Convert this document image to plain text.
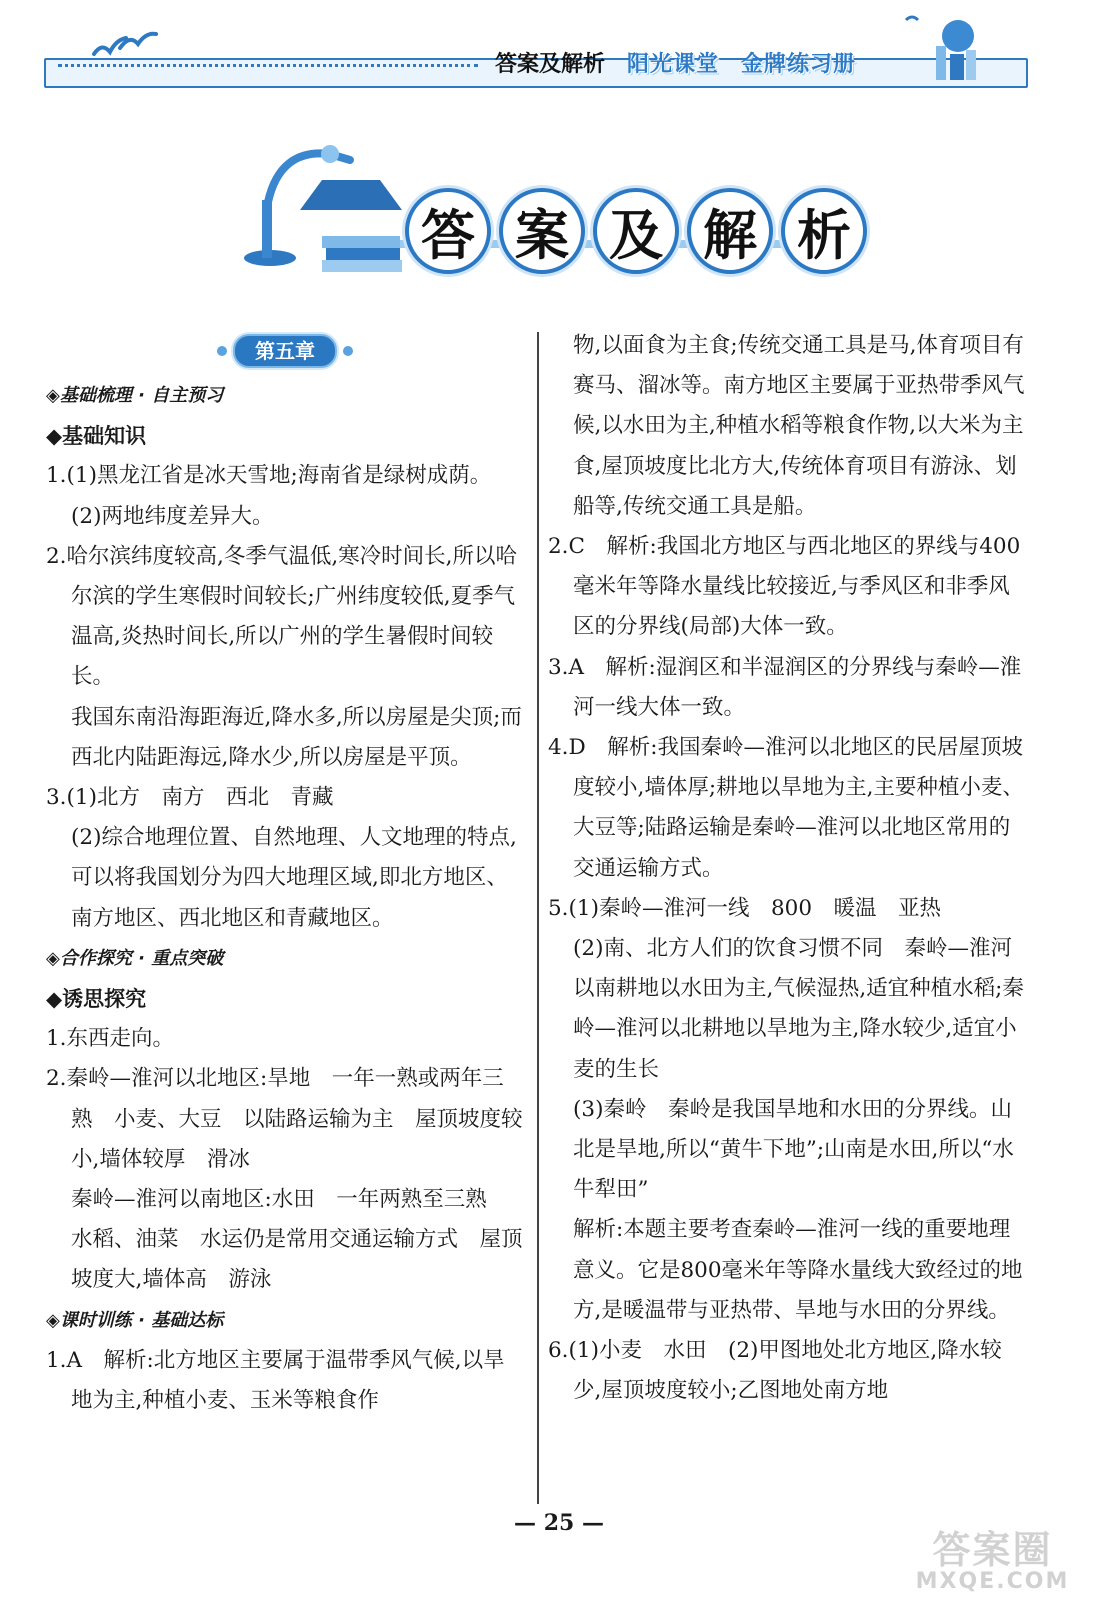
答案及解析 阳光课堂 金牌练习册
答 案 及 解 析
第五章

◈基础梳理 · 自主预习

◆基础知识

1.(1)黑龙江省是冰天雪地;海南省是绿树成荫。

(2)两地纬度差异大。

2.哈尔滨纬度较高,冬季气温低,寒冷时间长,所以哈尔滨的学生寒假时间较长;广州纬度较低,夏季气温高,炎热时间长,所以广州的学生暑假时间较长。

我国东南沿海距海近,降水多,所以房屋是尖顶;而西北内陆距海远,降水少,所以房屋是平顶。

3.(1)北方　南方　西北　青藏

(2)综合地理位置、自然地理、人文地理的特点,可以将我国划分为四大地理区域,即北方地区、南方地区、西北地区和青藏地区。

◈合作探究 · 重点突破

◆诱思探究

1.东西走向。

2.秦岭—淮河以北地区:旱地　一年一熟或两年三熟　小麦、大豆　以陆路运输为主　屋顶坡度较小,墙体较厚　滑冰

秦岭—淮河以南地区:水田　一年两熟至三熟　水稻、油菜　水运仍是常用交通运输方式　屋顶坡度大,墙体高　游泳

◈课时训练 · 基础达标

1.A　解析:北方地区主要属于温带季风气候,以旱地为主,种植小麦、玉米等粮食作

物,以面食为主食;传统交通工具是马,体育项目有赛马、溜冰等。南方地区主要属于亚热带季风气候,以水田为主,种植水稻等粮食作物,以大米为主食,屋顶坡度比北方大,传统体育项目有游泳、划船等,传统交通工具是船。

2.C　解析:我国北方地区与西北地区的界线与400毫米年等降水量线比较接近,与季风区和非季风区的分界线(局部)大体一致。

3.A　解析:湿润区和半湿润区的分界线与秦岭—淮河一线大体一致。

4.D　解析:我国秦岭—淮河以北地区的民居屋顶坡度较小,墙体厚;耕地以旱地为主,主要种植小麦、大豆等;陆路运输是秦岭—淮河以北地区常用的交通运输方式。

5.(1)秦岭—淮河一线　800　暖温　亚热

(2)南、北方人们的饮食习惯不同　秦岭—淮河以南耕地以水田为主,气候湿热,适宜种植水稻;秦岭—淮河以北耕地以旱地为主,降水较少,适宜小麦的生长

(3)秦岭　秦岭是我国旱地和水田的分界线。山北是旱地,所以“黄牛下地”;山南是水田,所以“水牛犁田”

解析:本题主要考查秦岭—淮河一线的重要地理意义。它是800毫米年等降水量线大致经过的地方,是暖温带与亚热带、旱地与水田的分界线。

6.(1)小麦　水田　(2)甲图地处北方地区,降水较少,屋顶坡度较小;乙图地处南方地

— 25 —
答案圈
MXQE.COM
